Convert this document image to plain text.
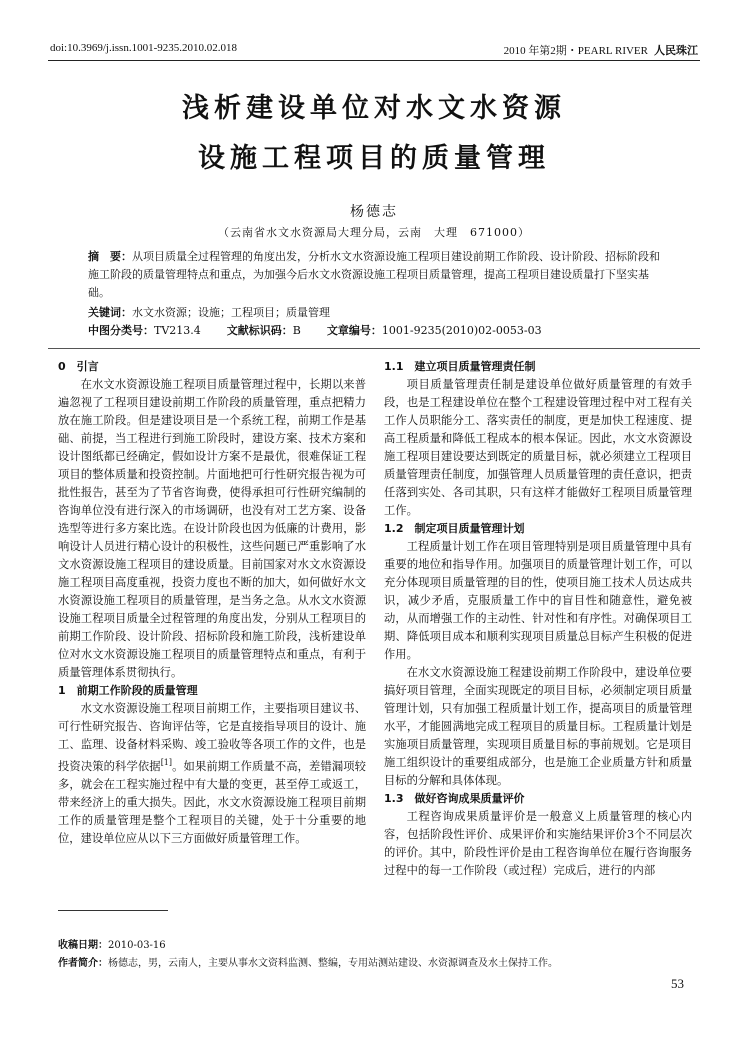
doi:10.3969/j.issn.1001-9235.2010.02.018	2010 年第2期・PEARL RIVER 人民珠江
浅析建设单位对水文水资源
设施工程项目的质量管理
杨德志
（云南省水文水资源局大理分局，云南　大理　671000）
摘　要：从项目质量全过程管理的角度出发，分析水文水资源设施工程项目建设前期工作阶段、设计阶段、招标阶段和施工阶段的质量管理特点和重点，为加强今后水文水资源设施工程项目质量管理，提高工程项目建设质量打下坚实基础。
关键词：水文水资源；设施；工程项目；质量管理
中图分类号：TV213.4 文献标识码：B 文章编号：1001-9235(2010)02-0053-03
0　引言

在水文水资源设施工程项目质量管理过程中，长期以来普遍忽视了工程项目建设前期工作阶段的质量管理，重点把精力放在施工阶段。但是建设项目是一个系统工程，前期工作是基础、前提，当工程进行到施工阶段时，建设方案、技术方案和设计图纸都已经确定，假如设计方案不是最优，很难保证工程项目的整体质量和投资控制。片面地把可行性研究报告视为可批性报告，甚至为了节省咨询费，使得承担可行性研究编制的咨询单位没有进行深入的市场调研，也没有对工艺方案、设备选型等进行多方案比选。在设计阶段也因为低廉的计费用，影响设计人员进行精心设计的积极性，这些问题已严重影响了水文水资源设施工程项目的建设质量。目前国家对水文水资源设施工程项目高度重视，投资力度也不断的加大，如何做好水文水资源设施工程项目的质量管理，是当务之急。从水文水资源设施工程项目质量全过程管理的角度出发，分别从工程项目的前期工作阶段、设计阶段、招标阶段和施工阶段，浅析建设单位对水文水资源设施工程项目的质量管理特点和重点，有利于质量管理体系贯彻执行。

1　前期工作阶段的质量管理

水文水资源设施工程项目前期工作，主要指项目建议书、可行性研究报告、咨询评估等，它是直接指导项目的设计、施工、监理、设备材料采购、竣工验收等各项工作的文件，也是投资决策的科学依据[1]。如果前期工作质量不高，差错漏项较多，就会在工程实施过程中有大量的变更，甚至停工或返工，带来经济上的重大损失。因此，水文水资源设施工程项目前期工作的质量管理是整个工程项目的关键，处于十分重要的地位，建设单位应从以下三方面做好质量管理工作。

1.1　建立项目质量管理责任制

项目质量管理责任制是建设单位做好质量管理的有效手段，也是工程建设单位在整个工程建设管理过程中对工程有关工作人员职能分工、落实责任的制度，更是加快工程速度、提高工程质量和降低工程成本的根本保证。因此，水文水资源设施工程项目建设要达到既定的质量目标，就必须建立工程项目质量管理责任制度，加强管理人员质量管理的责任意识，把责任落到实处、各司其职，只有这样才能做好工程项目质量管理工作。

1.2　制定项目质量管理计划

工程质量计划工作在项目管理特别是项目质量管理中具有重要的地位和指导作用。加强项目的质量管理计划工作，可以充分体现项目质量管理的目的性，使项目施工技术人员达成共识，减少矛盾，克服质量工作中的盲目性和随意性，避免被动，从而增强工作的主动性、针对性和有序性。对确保项目工期、降低项目成本和顺利实现项目质量总目标产生积极的促进作用。

在水文水资源设施工程建设前期工作阶段中，建设单位要搞好项目管理，全面实现既定的项目目标，必须制定项目质量管理计划，只有加强工程质量计划工作，提高项目的质量管理水平，才能圆满地完成工程项目的质量目标。工程质量计划是实施项目质量管理，实现项目质量目标的事前规划。它是项目施工组织设计的重要组成部分，也是施工企业质量方针和质量目标的分解和具体体现。

1.3　做好咨询成果质量评价

工程咨询成果质量评价是一般意义上质量管理的核心内容，包括阶段性评价、成果评价和实施结果评价3个不同层次的评价。其中，阶段性评价是由工程咨询单位在履行咨询服务过程中的每一工作阶段（或过程）完成后，进行的内部

收稿日期：2010-03-16
作者简介：杨德志，男，云南人，主要从事水文资料监测、整编，专用站测站建设、水资源调查及水土保持工作。
53
